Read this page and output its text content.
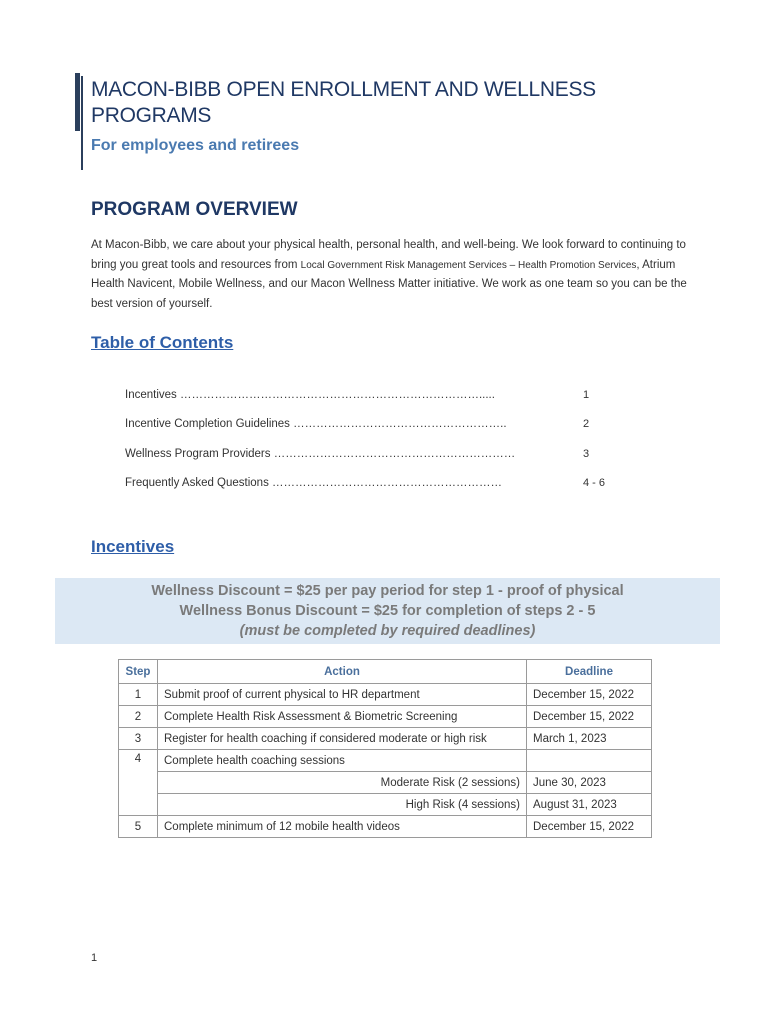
MACON-BIBB OPEN ENROLLMENT AND WELLNESS PROGRAMS
For employees and retirees
PROGRAM OVERVIEW
At Macon-Bibb, we care about your physical health, personal health, and well-being. We look forward to continuing to bring you great tools and resources from Local Government Risk Management Services – Health Promotion Services, Atrium Health Navicent, Mobile Wellness, and our Macon Wellness Matter initiative. We work as one team so you can be the best version of yourself.
Table of Contents
Incentives …………………………………………………………………….....	1
Incentive Completion Guidelines ………………………………………………..	2
Wellness Program Providers ………………………………………………………	3
Frequently Asked Questions ……………………………………………………	4 - 6
Incentives
Wellness Discount = $25 per pay period for step 1 - proof of physical
Wellness Bonus Discount = $25 for completion of steps 2 - 5
(must be completed by required deadlines)
Step	Action	Deadline
1	Submit proof of current physical to HR department	December 15, 2022
2	Complete Health Risk Assessment & Biometric Screening	December 15, 2022
3	Register for health coaching if considered moderate or high risk	March 1, 2023
4	Complete health coaching sessions	
	Moderate Risk (2 sessions)	June 30, 2023
	High Risk (4 sessions)	August 31, 2023
5	Complete minimum of 12 mobile health videos	December 15, 2022
1
